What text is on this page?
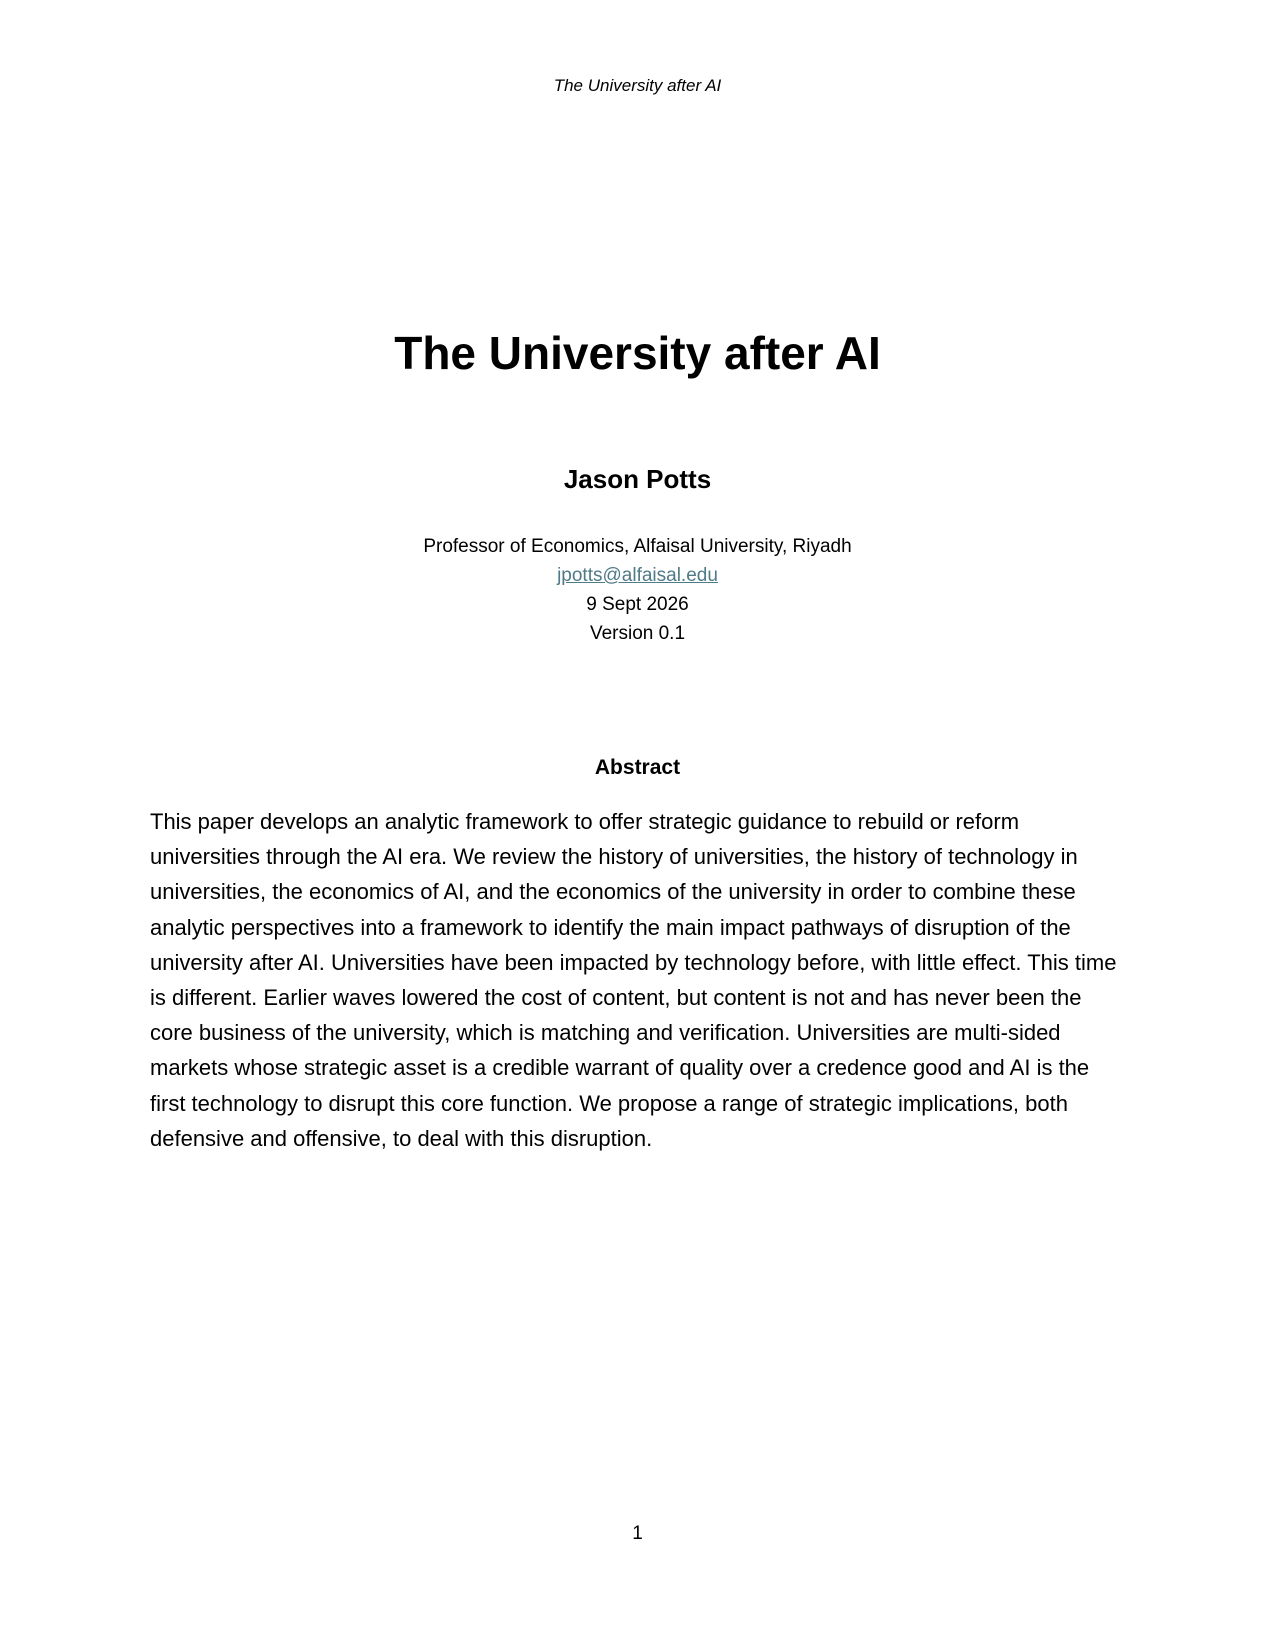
The University after AI
The University after AI
Jason Potts
Professor of Economics, Alfaisal University, Riyadh
jpotts@alfaisal.edu
9 Sept 2026
Version 0.1
Abstract

This paper develops an analytic framework to offer strategic guidance to rebuild or reform universities through the AI era. We review the history of universities, the history of technology in universities, the economics of AI, and the economics of the university in order to combine these analytic perspectives into a framework to identify the main impact pathways of disruption of the university after AI. Universities have been impacted by technology before, with little effect. This time is different. Earlier waves lowered the cost of content, but content is not and has never been the core business of the university, which is matching and verification. Universities are multi-sided markets whose strategic asset is a credible warrant of quality over a credence good and AI is the first technology to disrupt this core function. We propose a range of strategic implications, both defensive and offensive, to deal with this disruption.

1
